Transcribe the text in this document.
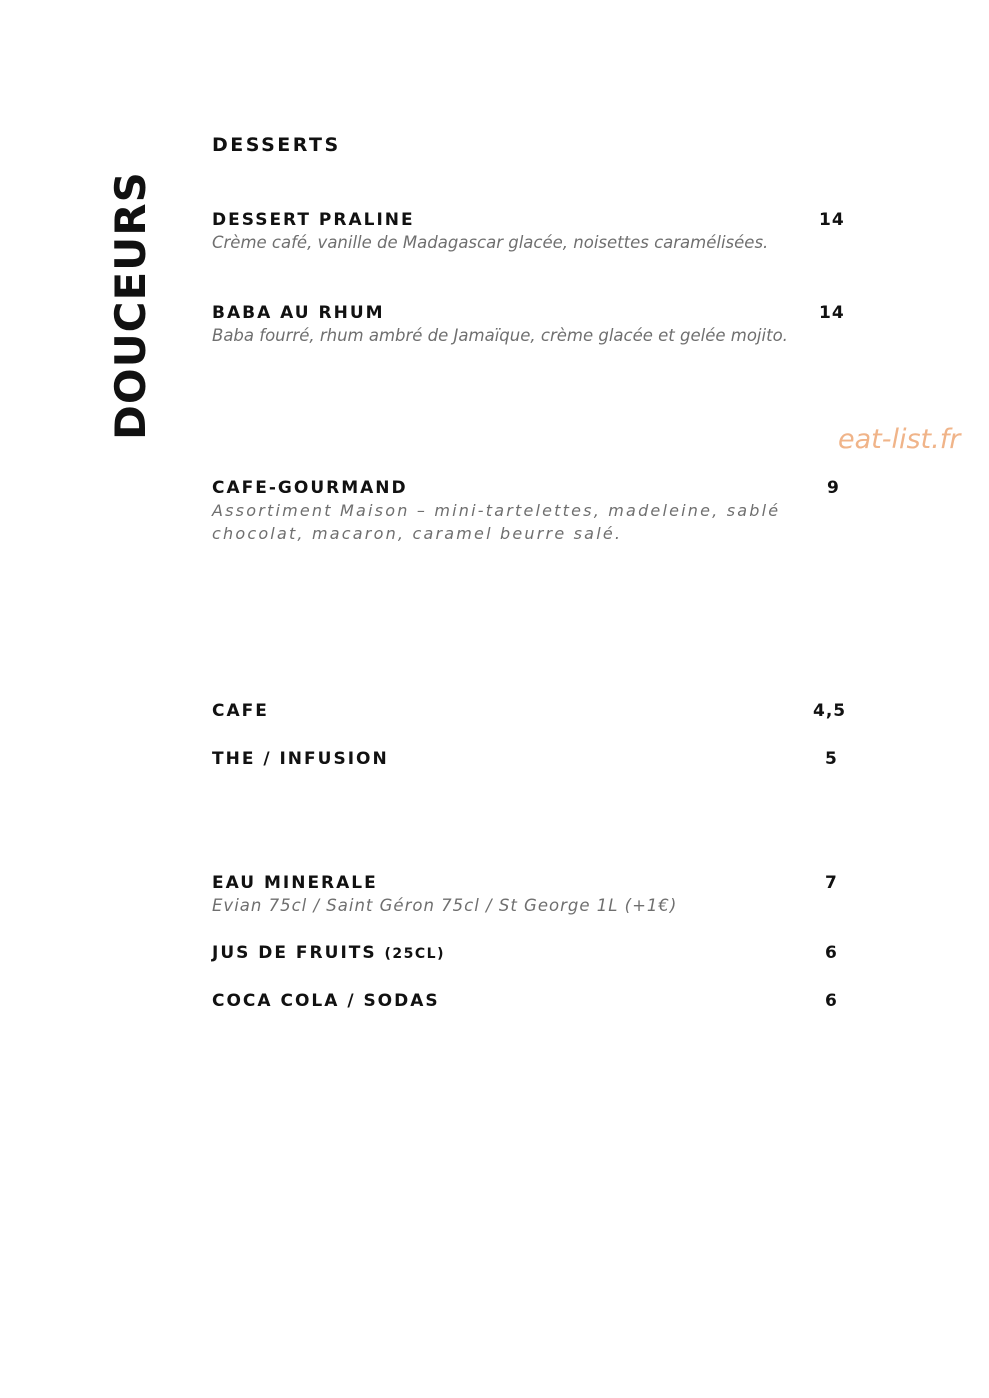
DOUCEURS
DESSERTS
DESSERT PRALINE	14
Crème café, vanille de Madagascar glacée, noisettes caramélisées.
BABA AU RHUM	14
Baba fourré, rhum ambré de Jamaïque, crème glacée et gelée mojito.
eat-list.fr
CAFE-GOURMAND	9
Assortiment Maison – mini-tartelettes, madeleine, sablé chocolat, macaron, caramel beurre salé.
CAFE	4,5
THE / INFUSION	5
EAU MINERALE	7
Evian 75cl / Saint Géron 75cl / St George 1L (+1€)
JUS DE FRUITS (25CL)	6
COCA COLA / SODAS	6
